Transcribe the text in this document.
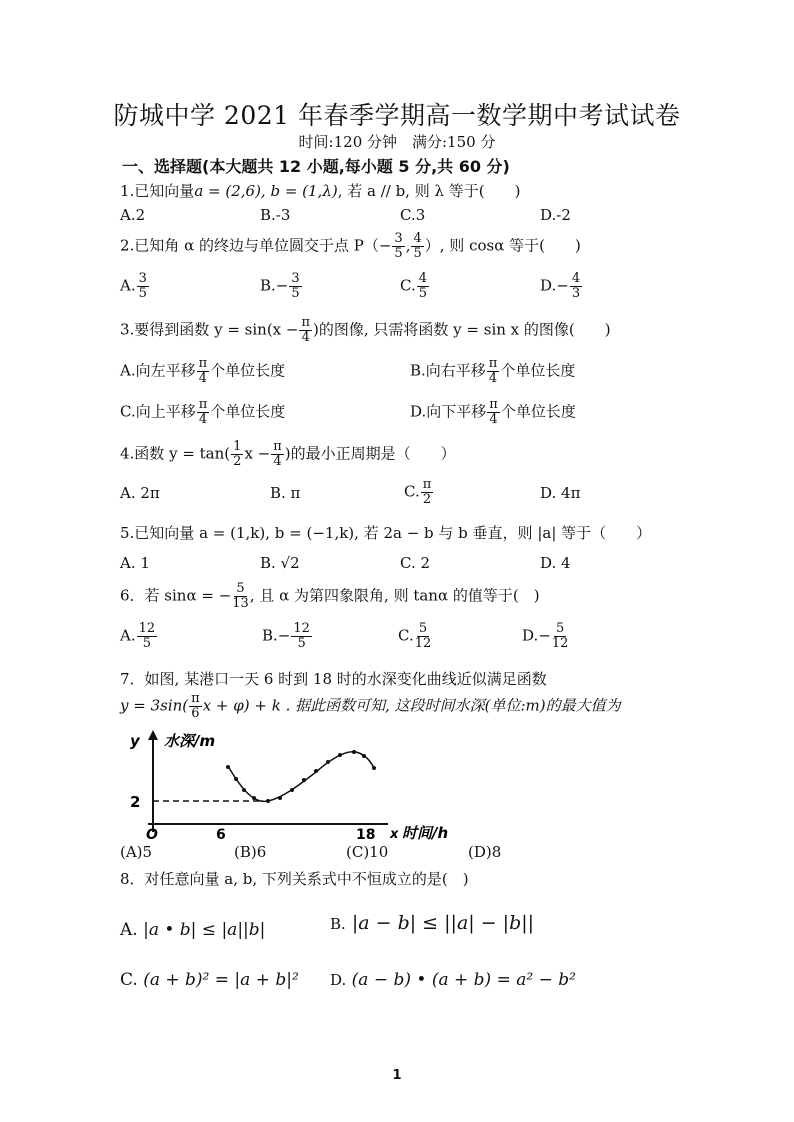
防城中学 2021 年春季学期高一数学期中考试试卷
时间:120 分钟　满分:150 分
一、选择题(本大题共 12 小题,每小题 5 分,共 60 分)
1.已知向量a = (2,6), b = (1,λ), 若 a // b, 则 λ 等于(　　)
A.2	B.-3	C.3	D.-2
2.已知角 α 的终边与单位圆交于点 $P(- \frac{3}{5}$ , $\frac{4}{5}$ ）, 则 cosα 等于(　　)
A. $\frac{3}{5}$	$B.- \frac{3}{5}$	C. $\frac{4}{5}$	$D.- \frac{4}{3}$
3.要得到函数 $y = \sin(x - \frac{\pi}{4}$ )的图像, 只需将函数 y = sin x 的图像(　　)
A.向左平移 $\frac{\pi}{4}$ 个单位长度	B.向右平移 $\frac{\pi}{4}$ 个单位长度
C.向上平移 $\frac{\pi}{4}$ 个单位长度	D.向下平移 $\frac{\pi}{4}$ 个单位长度
4.函数 $y = \tan( \frac{1}{2}$ $x - \frac{\pi}{4}$ )的最小正周期是（　　）
A. 2π	B. π	C. $\frac{\pi}{2}$	D. 4π
5.已知向量 a = (1,k), b = (−1,k), 若 2a − b 与 b 垂直，则 |a| 等于（　　）
A. 1	B. √2	C. 2	D. 4
6．若 sinα = − $\frac{5}{13}$ , 且 α 为第四象限角, 则 tanα 的值等于(　)
A. $\frac{12}{5}$	$B.- \frac{12}{5}$	C. $\frac{5}{12}$	$D.- \frac{5}{12}$
7．如图, 某港口一天 6 时到 18 时的水深变化曲线近似满足函数
$y = 3\sin( \frac{\pi}{6}$ x + φ) + k . 据此函数可知, 这段时间水深(单位:m)的最大值为
y 水深/m
2
O	6	18 x 时间/h
(A)5	(B)6	(C)10	(D)8
8．对任意向量 a, b, 下列关系式中不恒成立的是(　)
A. |a • b| ≤ |a||b|	B. |a − b| ≤ ||a| − |b||
C. (a + b)² = |a + b|² D. (a − b) • (a + b) = a² − b²
1
